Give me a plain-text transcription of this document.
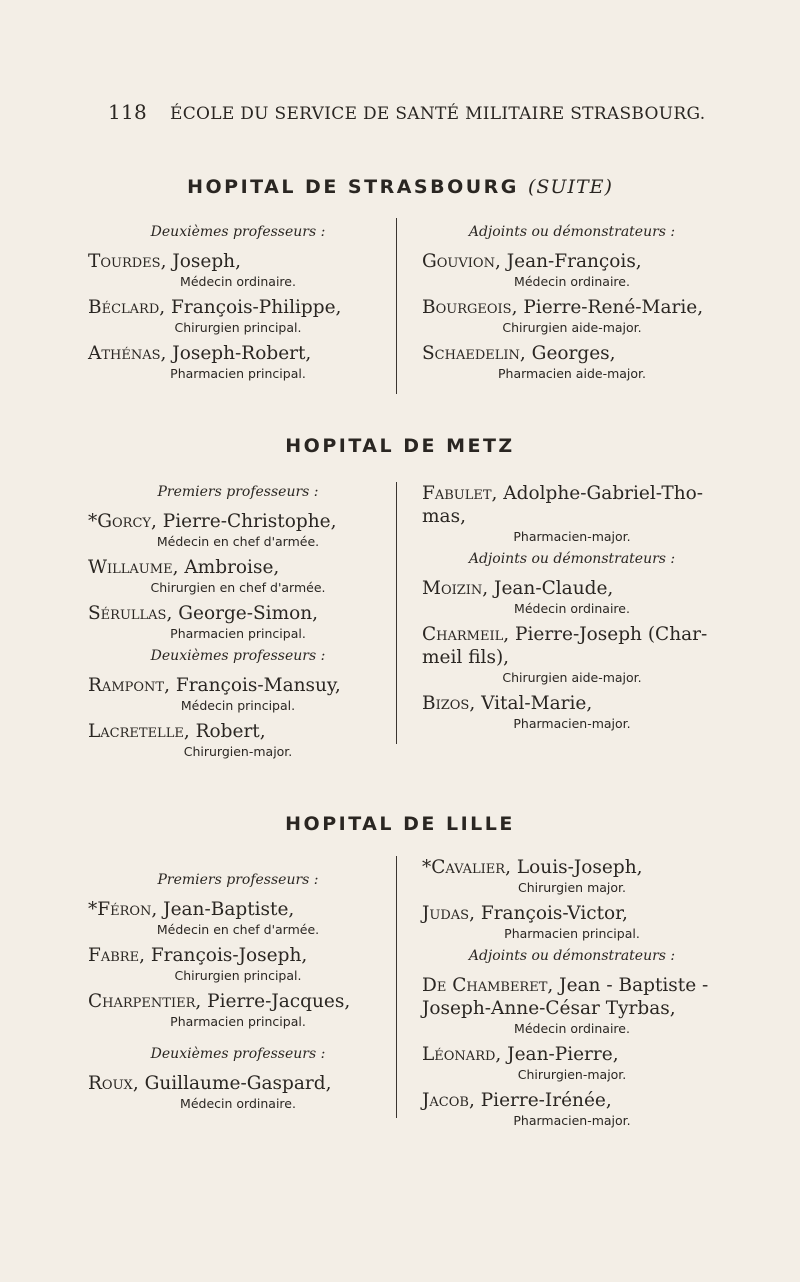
118 ÉCOLE DU SERVICE DE SANTÉ MILITAIRE STRASBOURG.
HOPITAL DE STRASBOURG (SUITE)
Deuxièmes professeurs :
Tourdes, Joseph,
Médecin ordinaire.
Béclard, François-Philippe,
Chirurgien principal.
Athénas, Joseph-Robert,
Pharmacien principal.
Adjoints ou démonstrateurs :
Gouvion, Jean-François,
Médecin ordinaire.
Bourgeois, Pierre-René-Marie,
Chirurgien aide-major.
Schaedelin, Georges,
Pharmacien aide-major.
HOPITAL DE METZ
Premiers professeurs :
*Gorcy, Pierre-Christophe,
Médecin en chef d'armée.
Willaume, Ambroise,
Chirurgien en chef d'armée.
Sérullas, George-Simon,
Pharmacien principal.
Deuxièmes professeurs :
Rampont, François-Mansuy,
Médecin principal.
Lacretelle, Robert,
Chirurgien-major.
Fabulet, Adolphe-Gabriel-Tho-
mas,
Pharmacien-major.
Adjoints ou démonstrateurs :
Moizin, Jean-Claude,
Médecin ordinaire.
Charmeil, Pierre-Joseph (Char-
meil fils),
Chirurgien aide-major.
Bizos, Vital-Marie,
Pharmacien-major.
HOPITAL DE LILLE
Premiers professeurs :
*Féron, Jean-Baptiste,
Médecin en chef d'armée.
Fabre, François-Joseph,
Chirurgien principal.
Charpentier, Pierre-Jacques,
Pharmacien principal.
Deuxièmes professeurs :
Roux, Guillaume-Gaspard,
Médecin ordinaire.
*Cavalier, Louis-Joseph,
Chirurgien major.
Judas, François-Victor,
Pharmacien principal.
Adjoints ou démonstrateurs :
De Chamberet, Jean - Baptiste -
Joseph-Anne-César Tyrbas,
Médecin ordinaire.
Léonard, Jean-Pierre,
Chirurgien-major.
Jacob, Pierre-Irénée,
Pharmacien-major.
